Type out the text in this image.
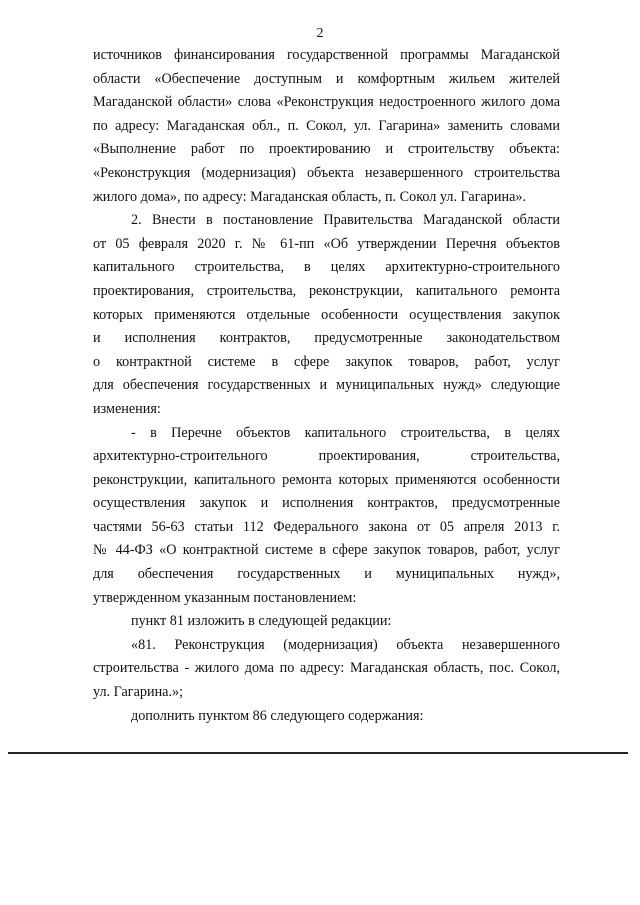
2
источников финансирования государственной программы Магаданской
области «Обеспечение доступным и комфортным жильем жителей
Магаданской области» слова «Реконструкция недостроенного жилого дома
по адресу: Магаданская обл., п. Сокол, ул. Гагарина» заменить словами
«Выполнение работ по проектированию и строительству объекта:
«Реконструкция (модернизация) объекта незавершенного строительства
жилого дома», по адресу: Магаданская область, п. Сокол ул. Гагарина».
2. Внести в постановление Правительства Магаданской области
от 05 февраля 2020 г. № 61-пп «Об утверждении Перечня объектов
капитального строительства, в целях архитектурно-строительного
проектирования, строительства, реконструкции, капитального ремонта
которых применяются отдельные особенности осуществления закупок
и исполнения контрактов, предусмотренные законодательством
о контрактной системе в сфере закупок товаров, работ, услуг
для обеспечения государственных и муниципальных нужд» следующие
изменения:
- в Перечне объектов капитального строительства, в целях
архитектурно-строительного проектирования, строительства,
реконструкции, капитального ремонта которых применяются особенности
осуществления закупок и исполнения контрактов, предусмотренные
частями 56-63 статьи 112 Федерального закона от 05 апреля 2013 г.
№ 44-ФЗ «О контрактной системе в сфере закупок товаров, работ, услуг
для обеспечения государственных и муниципальных нужд»,
утвержденном указанным постановлением:
пункт 81 изложить в следующей редакции:
«81. Реконструкция (модернизация) объекта незавершенного
строительства - жилого дома по адресу: Магаданская область, пос. Сокол,
ул. Гагарина.»;
дополнить пунктом 86 следующего содержания:
